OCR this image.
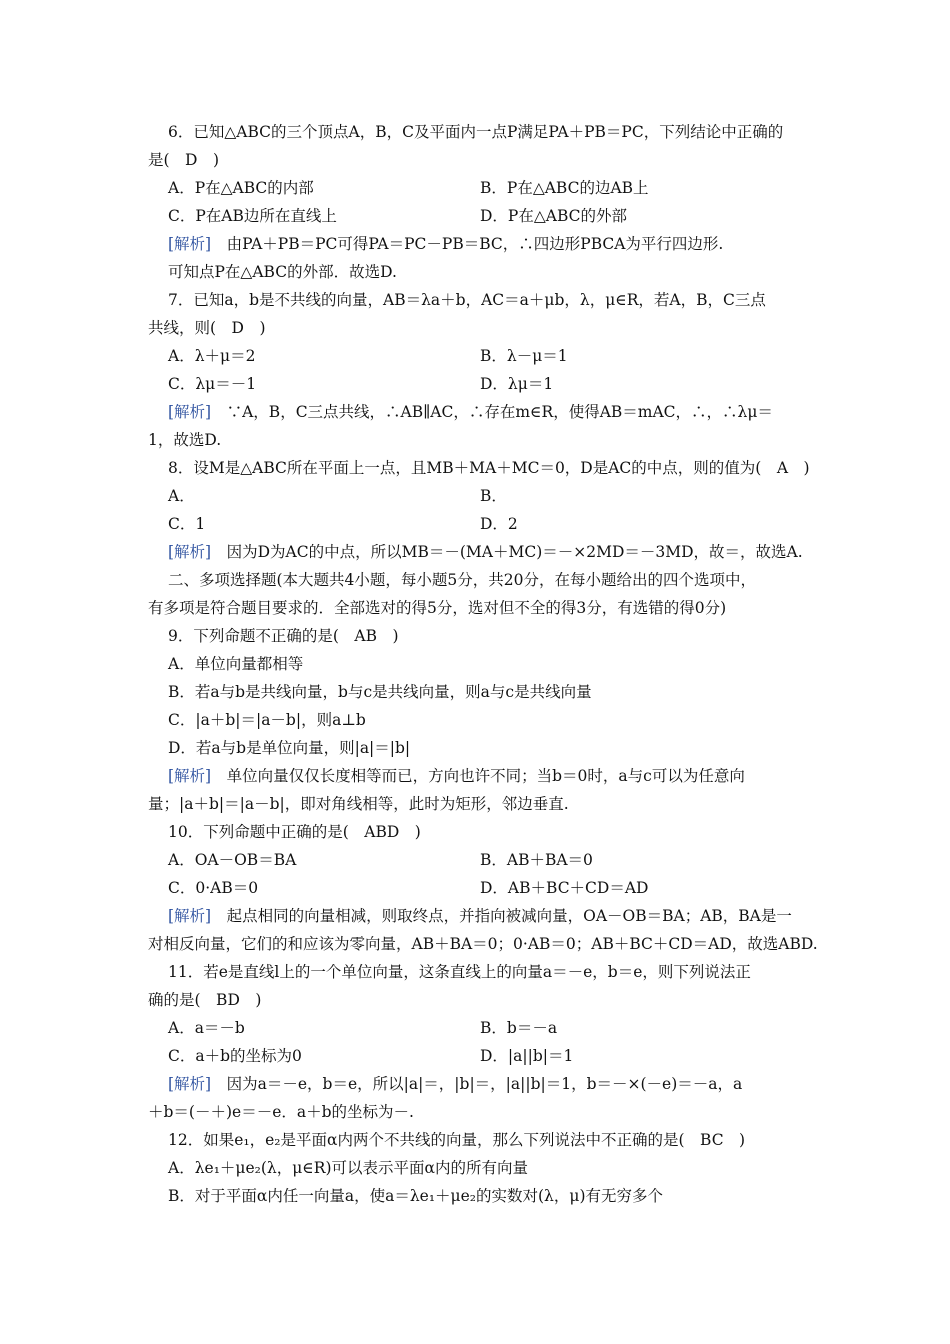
6．已知△ABC的三个顶点A，B，C及平面内一点P满足PA＋PB＝PC，下列结论中正确的
是(　D　)
A．P在△ABC的内部	B．P在△ABC的边AB上
C．P在AB边所在直线上	D．P在△ABC的外部
[解析]　由PA＋PB＝PC可得PA＝PC－PB＝BC，∴四边形PBCA为平行四边形.
可知点P在△ABC的外部．故选D.
7．已知a，b是不共线的向量，AB＝λa＋b，AC＝a＋μb，λ，μ∈R，若A，B，C三点
共线，则(　D　)
A．λ＋μ＝2	B．λ－μ＝1
C．λμ＝－1	D．λμ＝1
[解析]　∵A，B，C三点共线，∴AB∥AC，∴存在m∈R，使得AB＝mAC，∴，∴λμ＝
1，故选D.
8．设M是△ABC所在平面上一点，且MB＋MA＋MC＝0，D是AC的中点，则的值为(　A　)
A．	B．
C．1	D．2
[解析]　因为D为AC的中点，所以MB＝－(MA＋MC)＝－×2MD＝－3MD，故＝，故选A.
二、多项选择题(本大题共4小题，每小题5分，共20分，在每小题给出的四个选项中，
有多项是符合题目要求的．全部选对的得5分，选对但不全的得3分，有选错的得0分)
9．下列命题不正确的是(　AB　)
A．单位向量都相等
B．若a与b是共线向量，b与c是共线向量，则a与c是共线向量
C．|a＋b|＝|a－b|，则a⊥b
D．若a与b是单位向量，则|a|＝|b|
[解析]　单位向量仅仅长度相等而已，方向也许不同；当b＝0时，a与c可以为任意向
量；|a＋b|＝|a－b|，即对角线相等，此时为矩形，邻边垂直.
10．下列命题中正确的是(　ABD　)
A．OA－OB＝BA	B．AB＋BA＝0
C．0·AB＝0	D．AB＋BC＋CD＝AD
[解析]　起点相同的向量相减，则取终点，并指向被减向量，OA－OB＝BA；AB，BA是一
对相反向量，它们的和应该为零向量，AB＋BA＝0；0·AB＝0；AB＋BC＋CD＝AD，故选ABD.
11．若e是直线l上的一个单位向量，这条直线上的向量a＝－e，b＝e，则下列说法正
确的是(　BD　)
A．a＝－b	B．b＝－a
C．a＋b的坐标为0	D．|a||b|＝1
[解析]　因为a＝－e，b＝e，所以|a|＝，|b|＝，|a||b|＝1，b＝－×(－e)＝－a，a
＋b＝(－＋)e＝－e．a＋b的坐标为－.
12．如果e₁，e₂是平面α内两个不共线的向量，那么下列说法中不正确的是(　BC　)
A．λe₁＋μe₂(λ，μ∈R)可以表示平面α内的所有向量
B．对于平面α内任一向量a，使a＝λe₁＋μe₂的实数对(λ，μ)有无穷多个
